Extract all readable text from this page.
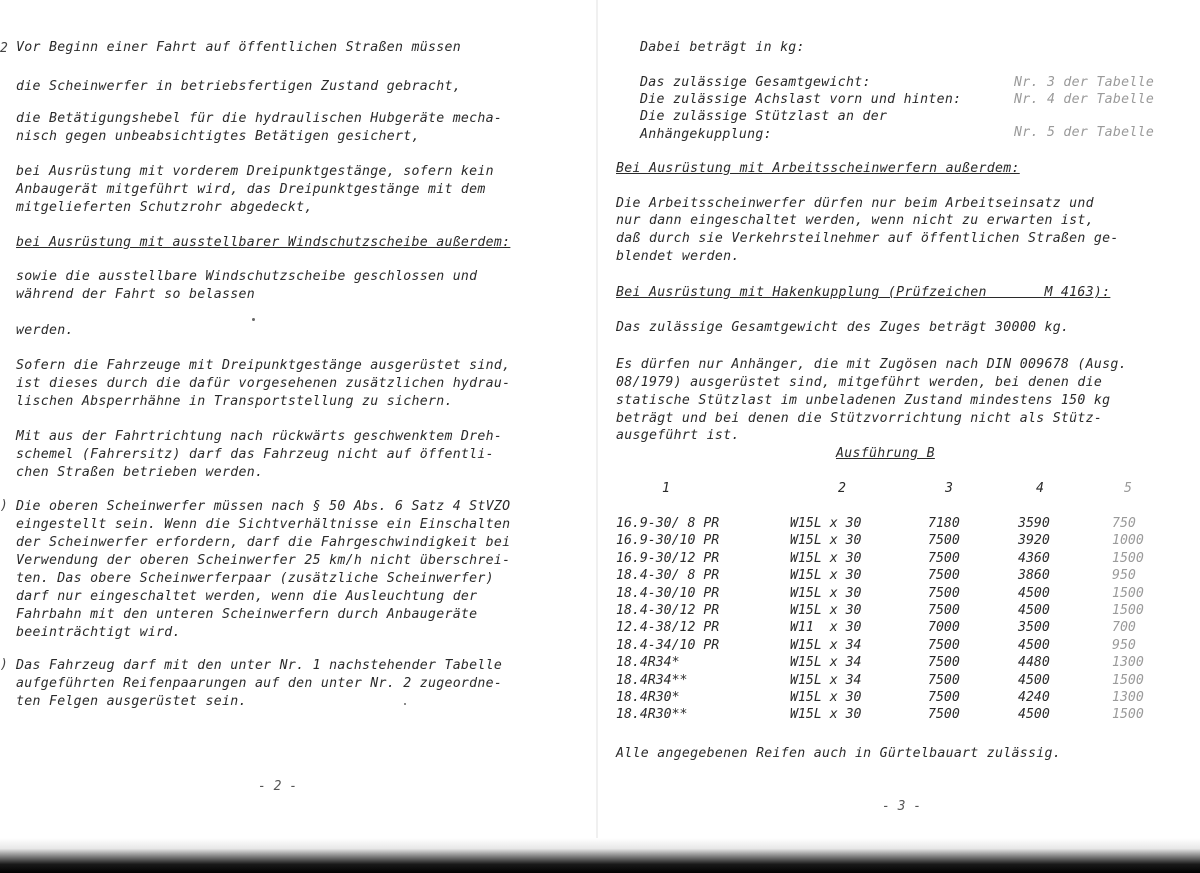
2
)
)
Vor Beginn einer Fahrt auf öffentlichen Straßen müssen
die Scheinwerfer in betriebsfertigen Zustand gebracht,
die Betätigungshebel für die hydraulischen Hubgeräte mecha-
nisch gegen unbeabsichtigtes Betätigen gesichert,
bei Ausrüstung mit vorderem Dreipunktgestänge, sofern kein
Anbaugerät mitgeführt wird, das Dreipunktgestänge mit dem
mitgelieferten Schutzrohr abgedeckt,
bei Ausrüstung mit ausstellbarer Windschutzscheibe außerdem:
sowie die ausstellbare Windschutzscheibe geschlossen und
während der Fahrt so belassen
werden.
Sofern die Fahrzeuge mit Dreipunktgestänge ausgerüstet sind,
ist dieses durch die dafür vorgesehenen zusätzlichen hydrau-
lischen Absperrhähne in Transportstellung zu sichern.
Mit aus der Fahrtrichtung nach rückwärts geschwenktem Dreh-
schemel (Fahrersitz) darf das Fahrzeug nicht auf öffentli-
chen Straßen betrieben werden.
Die oberen Scheinwerfer müssen nach § 50 Abs. 6 Satz 4 StVZO
eingestellt sein. Wenn die Sichtverhältnisse ein Einschalten
der Scheinwerfer erfordern, darf die Fahrgeschwindigkeit bei
Verwendung der oberen Scheinwerfer 25 km/h nicht überschrei-
ten. Das obere Scheinwerferpaar (zusätzliche Scheinwerfer)
darf nur eingeschaltet werden, wenn die Ausleuchtung der
Fahrbahn mit den unteren Scheinwerfern durch Anbaugeräte
beeinträchtigt wird.
Das Fahrzeug darf mit den unter Nr. 1 nachstehender Tabelle
aufgeführten Reifenpaarungen auf den unter Nr. 2 zugeordne-
ten Felgen ausgerüstet sein.
- 2 -
Dabei beträgt in kg:
Das zulässige Gesamtgewicht:	Nr. 3 der Tabelle
Die zulässige Achslast vorn und hinten:	Nr. 4 der Tabelle
Die zulässige Stützlast an der
Anhängekupplung:	Nr. 5 der Tabelle
Bei Ausrüstung mit Arbeitsscheinwerfern außerdem:
Die Arbeitsscheinwerfer dürfen nur beim Arbeitseinsatz und
nur dann eingeschaltet werden, wenn nicht zu erwarten ist,
daß durch sie Verkehrsteilnehmer auf öffentlichen Straßen ge-
blendet werden.
Bei Ausrüstung mit Hakenkupplung (Prüfzeichen       M 4163):
Das zulässige Gesamtgewicht des Zuges beträgt 30000 kg.
Es dürfen nur Anhänger, die mit Zugösen nach DIN 009678 (Ausg.
08/1979) ausgerüstet sind, mitgeführt werden, bei denen die
statische Stützlast im unbeladenen Zustand mindestens 150 kg
beträgt und bei denen die Stützvorrichtung nicht als Stütz-
ausgeführt ist.
Ausführung B
1	2	3	4	5
16.9-30/ 8 PR	W15L x 30	7180	3590	750
16.9-30/10 PR	W15L x 30	7500	3920	1000
16.9-30/12 PR	W15L x 30	7500	4360	1500
18.4-30/ 8 PR	W15L x 30	7500	3860	950
18.4-30/10 PR	W15L x 30	7500	4500	1500
18.4-30/12 PR	W15L x 30	7500	4500	1500
12.4-38/12 PR	W11  x 30	7000	3500	700
18.4-34/10 PR	W15L x 34	7500	4500	950
18.4R34*	W15L x 34	7500	4480	1300
18.4R34**	W15L x 34	7500	4500	1500
18.4R30*	W15L x 30	7500	4240	1300
18.4R30**	W15L x 30	7500	4500	1500
Alle angegebenen Reifen auch in Gürtelbauart zulässig.
- 3 -
